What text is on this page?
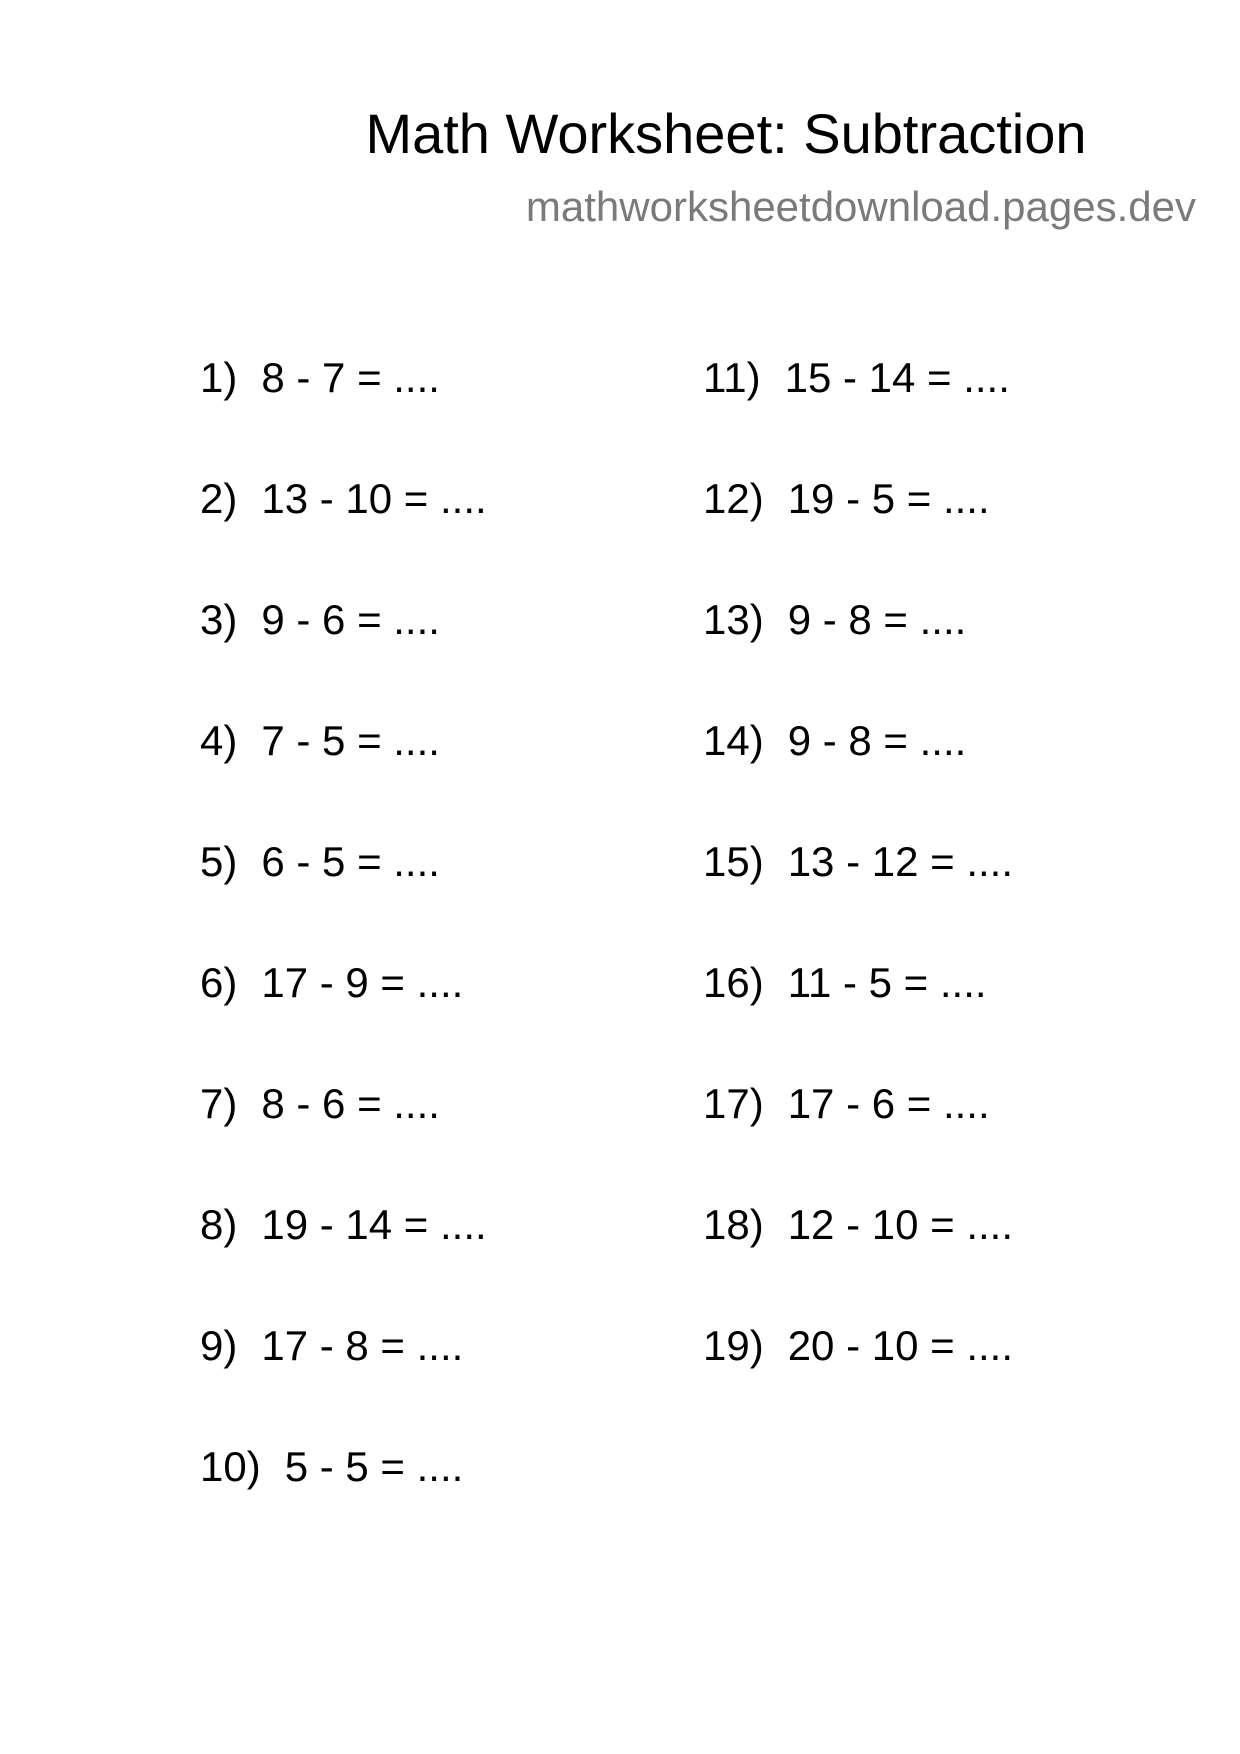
Math Worksheet: Subtraction
mathworksheetdownload.pages.dev
1) 8 - 7 = ....
2) 13 - 10 = ....
3) 9 - 6 = ....
4) 7 - 5 = ....
5) 6 - 5 = ....
6) 17 - 9 = ....
7) 8 - 6 = ....
8) 19 - 14 = ....
9) 17 - 8 = ....
10) 5 - 5 = ....
11) 15 - 14 = ....
12) 19 - 5 = ....
13) 9 - 8 = ....
14) 9 - 8 = ....
15) 13 - 12 = ....
16) 11 - 5 = ....
17) 17 - 6 = ....
18) 12 - 10 = ....
19) 20 - 10 = ....
